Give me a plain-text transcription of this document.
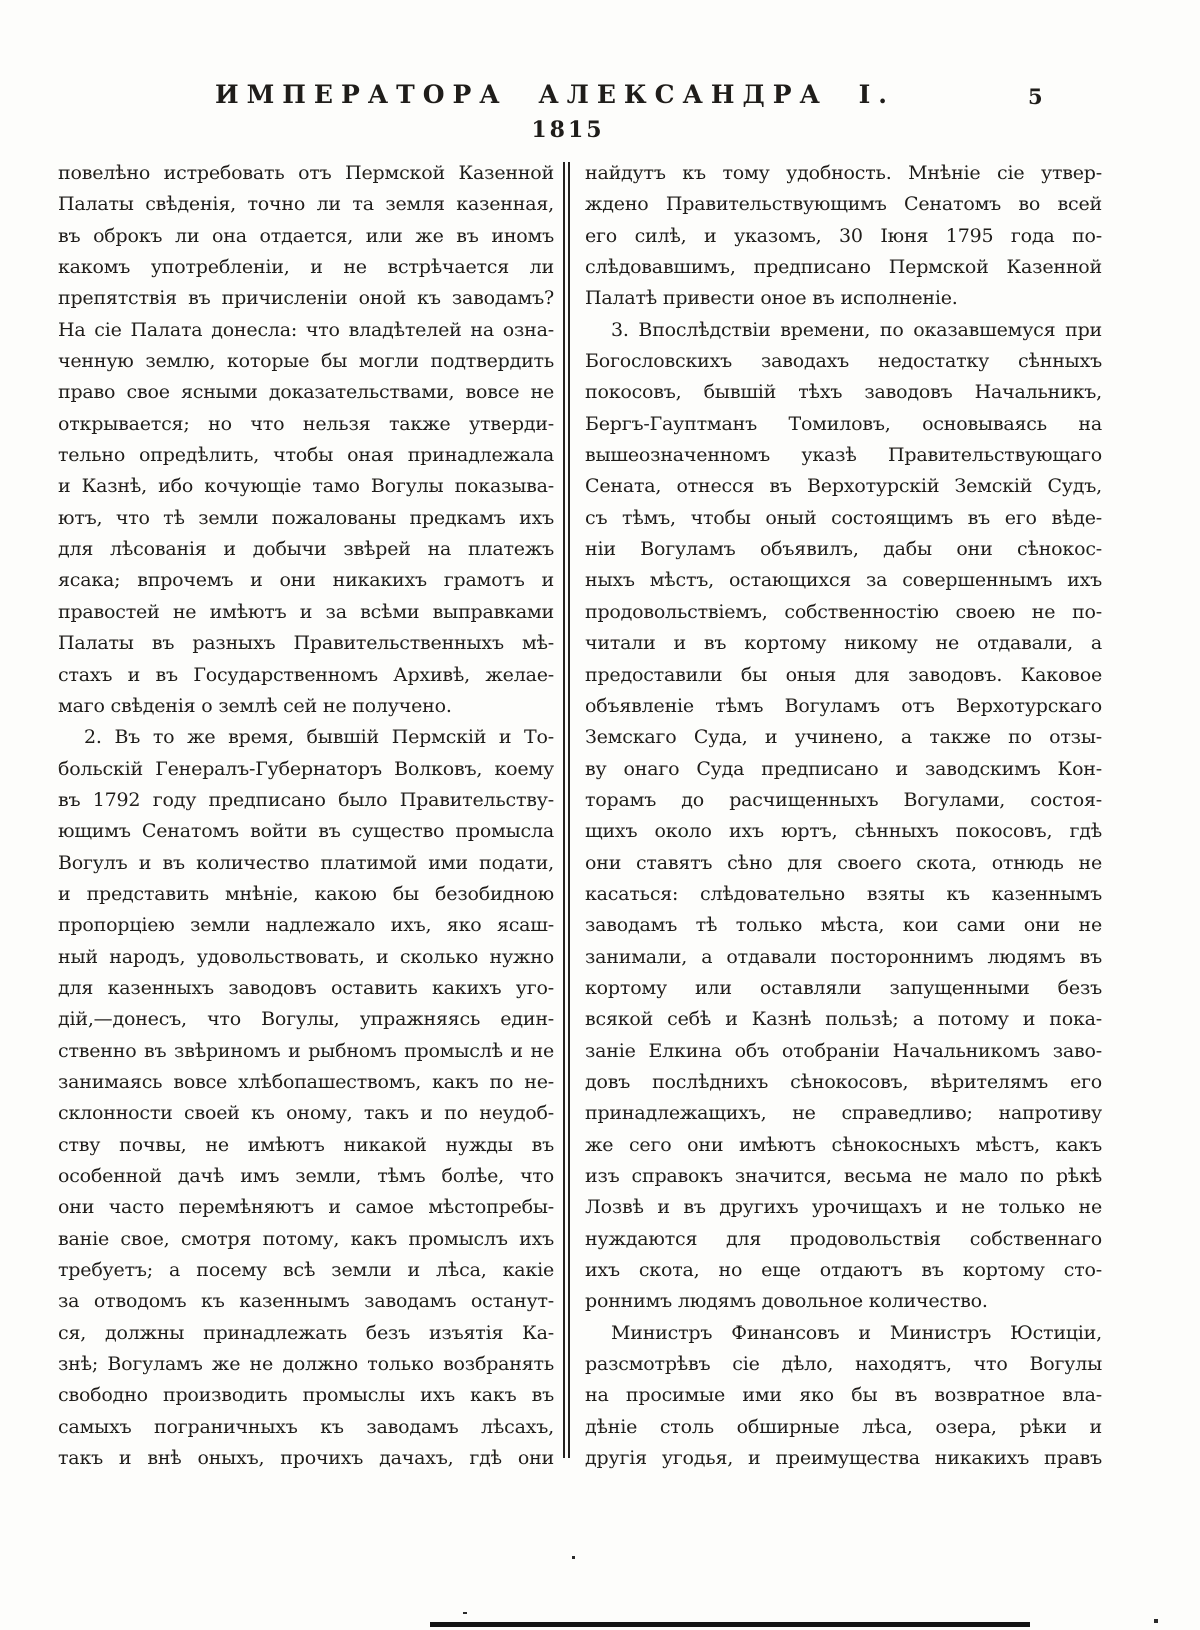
ИМПЕРАТОРА АЛЕКСАНДРА I.	5
1815
повелѣно истребовать отъ Пермской Казенной
Палаты свѣденія, точно ли та земля казенная,
въ оброкъ ли она отдается, или же въ иномъ
какомъ употребленіи, и не встрѣчается ли
препятствія въ причисленіи оной къ заводамъ?
На сіе Палата донесла: что владѣтелей на озна-
ченную землю, которые бы могли подтвердить
право свое ясными доказательствами, вовсе не
открывается; но что нельзя также утверди-
тельно опредѣлить, чтобы оная принадлежала
и Казнѣ, ибо кочующіе тамо Вогулы показыва-
ютъ, что тѣ земли пожалованы предкамъ ихъ
для лѣсованія и добычи звѣрей на платежъ
ясака; впрочемъ и они никакихъ грамотъ и
правостей не имѣютъ и за всѣми выправками
Палаты въ разныхъ Правительственныхъ мѣ-
стахъ и въ Государственномъ Архивѣ, желае-
маго свѣденія о землѣ сей не получено.
2. Въ то же время, бывшій Пермскій и То-
больскій Генералъ-Губернаторъ Волковъ, коему
въ 1792 году предписано было Правительству-
ющимъ Сенатомъ войти въ существо промысла
Вогулъ и въ количество платимой ими подати,
и представить мнѣніе, какою бы безобидною
пропорціею земли надлежало ихъ, яко ясаш-
ный народъ, удовольствовать, и сколько нужно
для казенныхъ заводовъ оставить какихъ уго-
дій,—донесъ, что Вогулы, упражняясь един-
ственно въ звѣриномъ и рыбномъ промыслѣ и не
занимаясь вовсе хлѣбопашествомъ, какъ по не-
склонности своей къ оному, такъ и по неудоб-
ству почвы, не имѣютъ никакой нужды въ
особенной дачѣ имъ земли, тѣмъ болѣе, что
они часто перемѣняютъ и самое мѣстопребы-
ваніе свое, смотря потому, какъ промыслъ ихъ
требуетъ; а посему всѣ земли и лѣса, какіе
за отводомъ къ казеннымъ заводамъ останут-
ся, должны принадлежать безъ изъятія Ка-
знѣ; Вогуламъ же не должно только возбранять
свободно производить промыслы ихъ какъ въ
самыхъ пограничныхъ къ заводамъ лѣсахъ,
такъ и внѣ оныхъ, прочихъ дачахъ, гдѣ они
найдутъ къ тому удобность. Мнѣніе сіе утвер-
ждено Правительствующимъ Сенатомъ во всей
его силѣ, и указомъ, 30 Іюня 1795 года по-
слѣдовавшимъ, предписано Пермской Казенной
Палатѣ привести оное въ исполненіе.
3. Впослѣдствіи времени, по оказавшемуся при
Богословскихъ заводахъ недостатку сѣнныхъ
покосовъ, бывшій тѣхъ заводовъ Начальникъ,
Бергъ-Гауптманъ Томиловъ, основываясь на
вышеозначенномъ указѣ Правительствующаго
Сената, отнесся въ Верхотурскій Земскій Судъ,
съ тѣмъ, чтобы оный состоящимъ въ его вѣде-
ніи Вогуламъ объявилъ, дабы они сѣнокос-
ныхъ мѣстъ, остающихся за совершеннымъ ихъ
продовольствіемъ, собственностію своею не по-
читали и въ кортому никому не отдавали, а
предоставили бы оныя для заводовъ. Каковое
объявленіе тѣмъ Вогуламъ отъ Верхотурскаго
Земскаго Суда, и учинено, а также по отзы-
ву онаго Суда предписано и заводскимъ Кон-
торамъ до расчищенныхъ Вогулами, состоя-
щихъ около ихъ юртъ, сѣнныхъ покосовъ, гдѣ
они ставятъ сѣно для своего скота, отнюдь не
касаться: слѣдовательно взяты къ казеннымъ
заводамъ тѣ только мѣста, кои сами они не
занимали, а отдавали постороннимъ людямъ въ
кортому или оставляли запущенными безъ
всякой себѣ и Казнѣ пользѣ; а потому и пока-
заніе Елкина объ отобраніи Начальникомъ заво-
довъ послѣднихъ сѣнокосовъ, вѣрителямъ его
принадлежащихъ, не справедливо; напротиву
же сего они имѣютъ сѣнокосныхъ мѣстъ, какъ
изъ справокъ значится, весьма не мало по рѣкѣ
Лозвѣ и въ другихъ урочищахъ и не только не
нуждаются для продовольствія собственнаго
ихъ скота, но еще отдаютъ въ кортому сто-
роннимъ людямъ довольное количество.
Министръ Финансовъ и Министръ Юстиціи,
разсмотрѣвъ сіе дѣло, находятъ, что Вогулы
на просимые ими яко бы въ возвратное вла-
дѣніе столь обширные лѣса, озера, рѣки и
другія угодья, и преимущества никакихъ правъ
